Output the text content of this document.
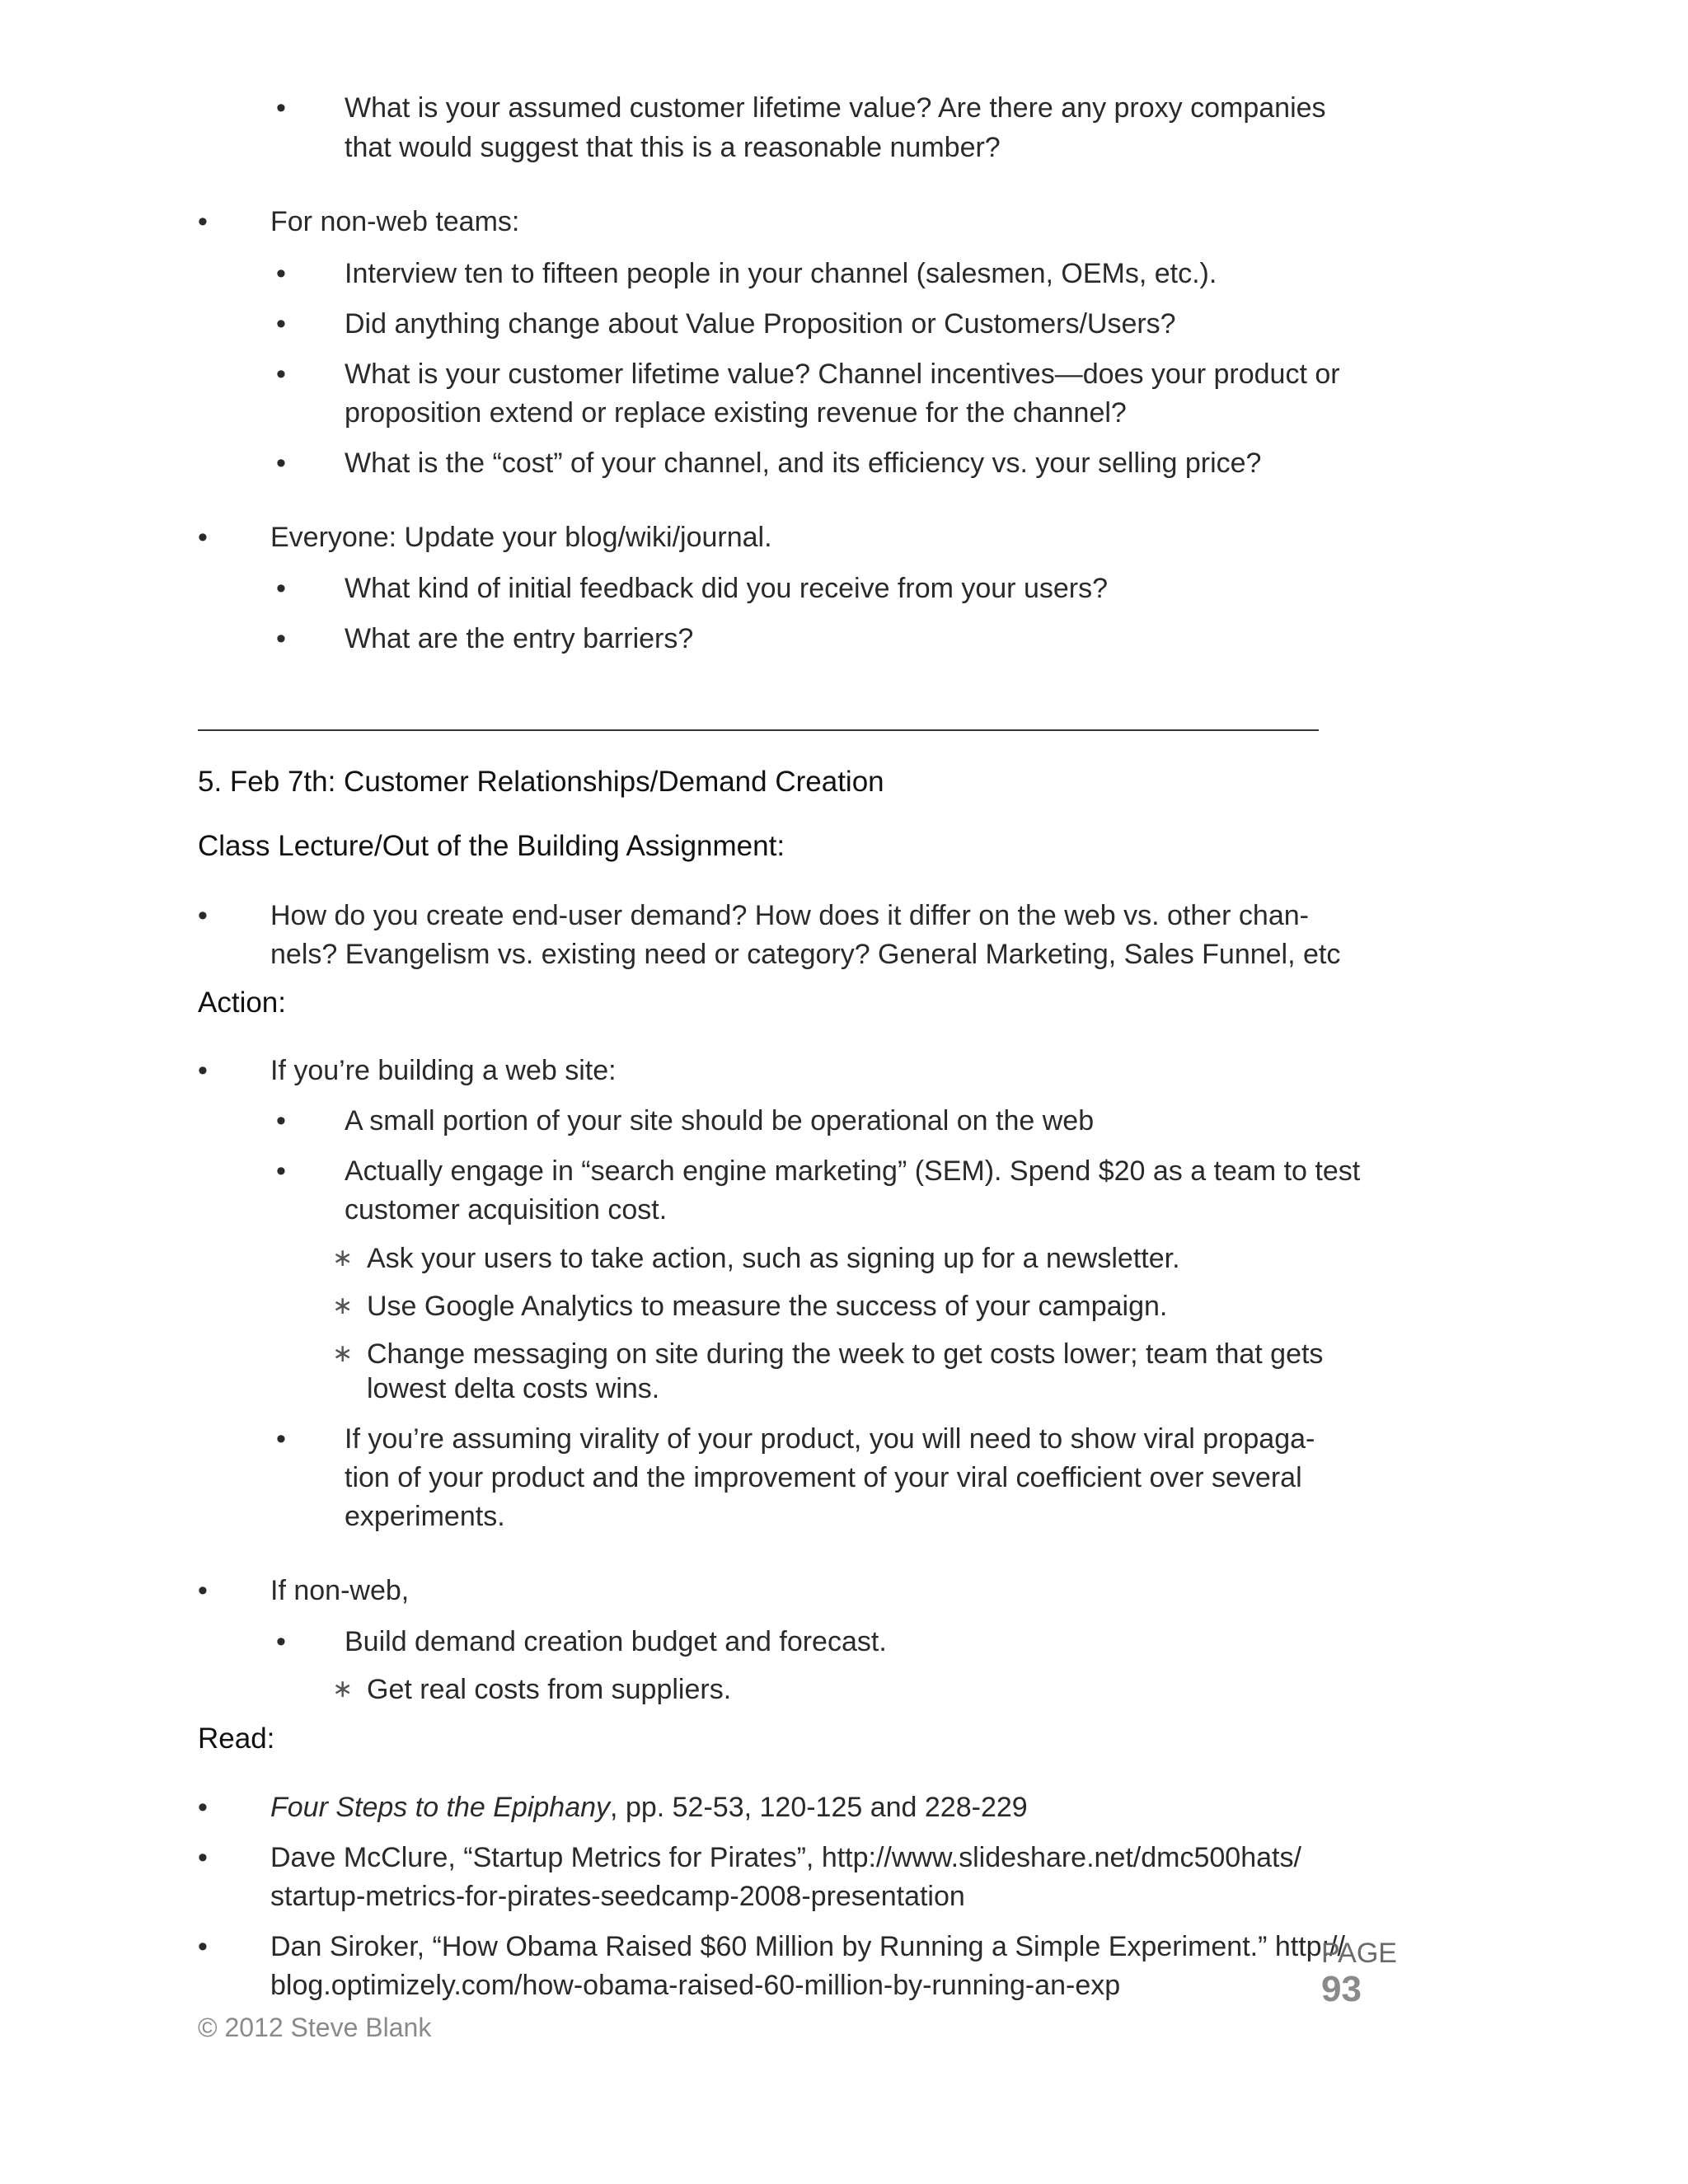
• What is your assumed customer lifetime value? Are there any proxy companies
that would suggest that this is a reasonable number?
• For non-web teams:
• Interview ten to fifteen people in your channel (salesmen, OEMs, etc.).
• Did anything change about Value Proposition or Customers/Users?
• What is your customer lifetime value? Channel incentives—does your product or
proposition extend or replace existing revenue for the channel?
• What is the “cost” of your channel, and its efficiency vs. your selling price?
• Everyone: Update your blog/wiki/journal.
• What kind of initial feedback did you receive from your users?
• What are the entry barriers?
5. Feb 7th: Customer Relationships/Demand Creation
Class Lecture/Out of the Building Assignment:
• How do you create end-user demand? How does it differ on the web vs. other chan-
nels? Evangelism vs. existing need or category? General Marketing, Sales Funnel, etc
Action:
• If you’re building a web site:
• A small portion of your site should be operational on the web
• Actually engage in “search engine marketing” (SEM). Spend $20 as a team to test
customer acquisition cost.
∗ Ask your users to take action, such as signing up for a newsletter.
∗ Use Google Analytics to measure the success of your campaign.
∗ Change messaging on site during the week to get costs lower; team that gets
lowest delta costs wins.
• If you’re assuming virality of your product, you will need to show viral propaga-
tion of your product and the improvement of your viral coefficient over several
experiments.
• If non-web,
• Build demand creation budget and forecast.
∗ Get real costs from suppliers.
Read:
• Four Steps to the Epiphany, pp. 52-53, 120-125 and 228-229
• Dave McClure, “Startup Metrics for Pirates”, http://www.slideshare.net/dmc500hats/
startup-metrics-for-pirates-seedcamp-2008-presentation
• Dan Siroker, “How Obama Raised $60 Million by Running a Simple Experiment.” http://
blog.optimizely.com/how-obama-raised-60-million-by-running-an-exp
PAGE
93
© 2012 Steve Blank
